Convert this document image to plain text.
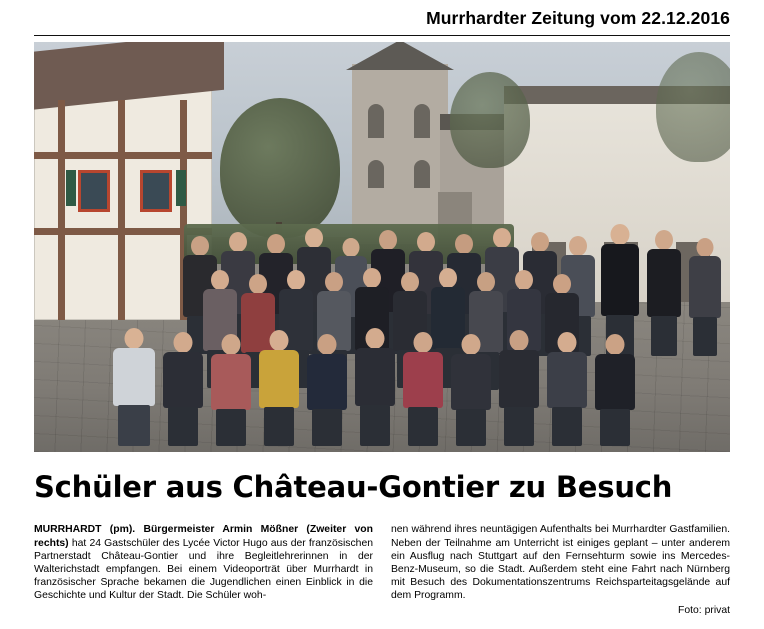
Murrhardter Zeitung vom 22.12.2016
Schüler aus Château-Gontier zu Besuch

MURRHARDT (pm). Bürgermeister Armin Mößner (Zweiter von rechts) hat 24 Gastschüler des Lycée Victor Hugo aus der französischen Partnerstadt Château-Gontier und ihre Begleitlehrerinnen in der Walterichstadt empfangen. Bei einem Videoporträt über Murrhardt in französischer Sprache bekamen die Jugendlichen einen Einblick in die Geschichte und Kultur der Stadt. Die Schüler woh-

nen während ihres neuntägigen Aufenthalts bei Murrhardter Gastfamilien. Neben der Teilnahme am Unterricht ist einiges geplant – unter anderem ein Ausflug nach Stuttgart auf den Fernsehturm sowie ins Mercedes-Benz-Museum, so die Stadt. Außerdem steht eine Fahrt nach Nürnberg mit Besuch des Dokumentationszentrums Reichsparteitagsgelände auf dem Programm.

Foto: privat
